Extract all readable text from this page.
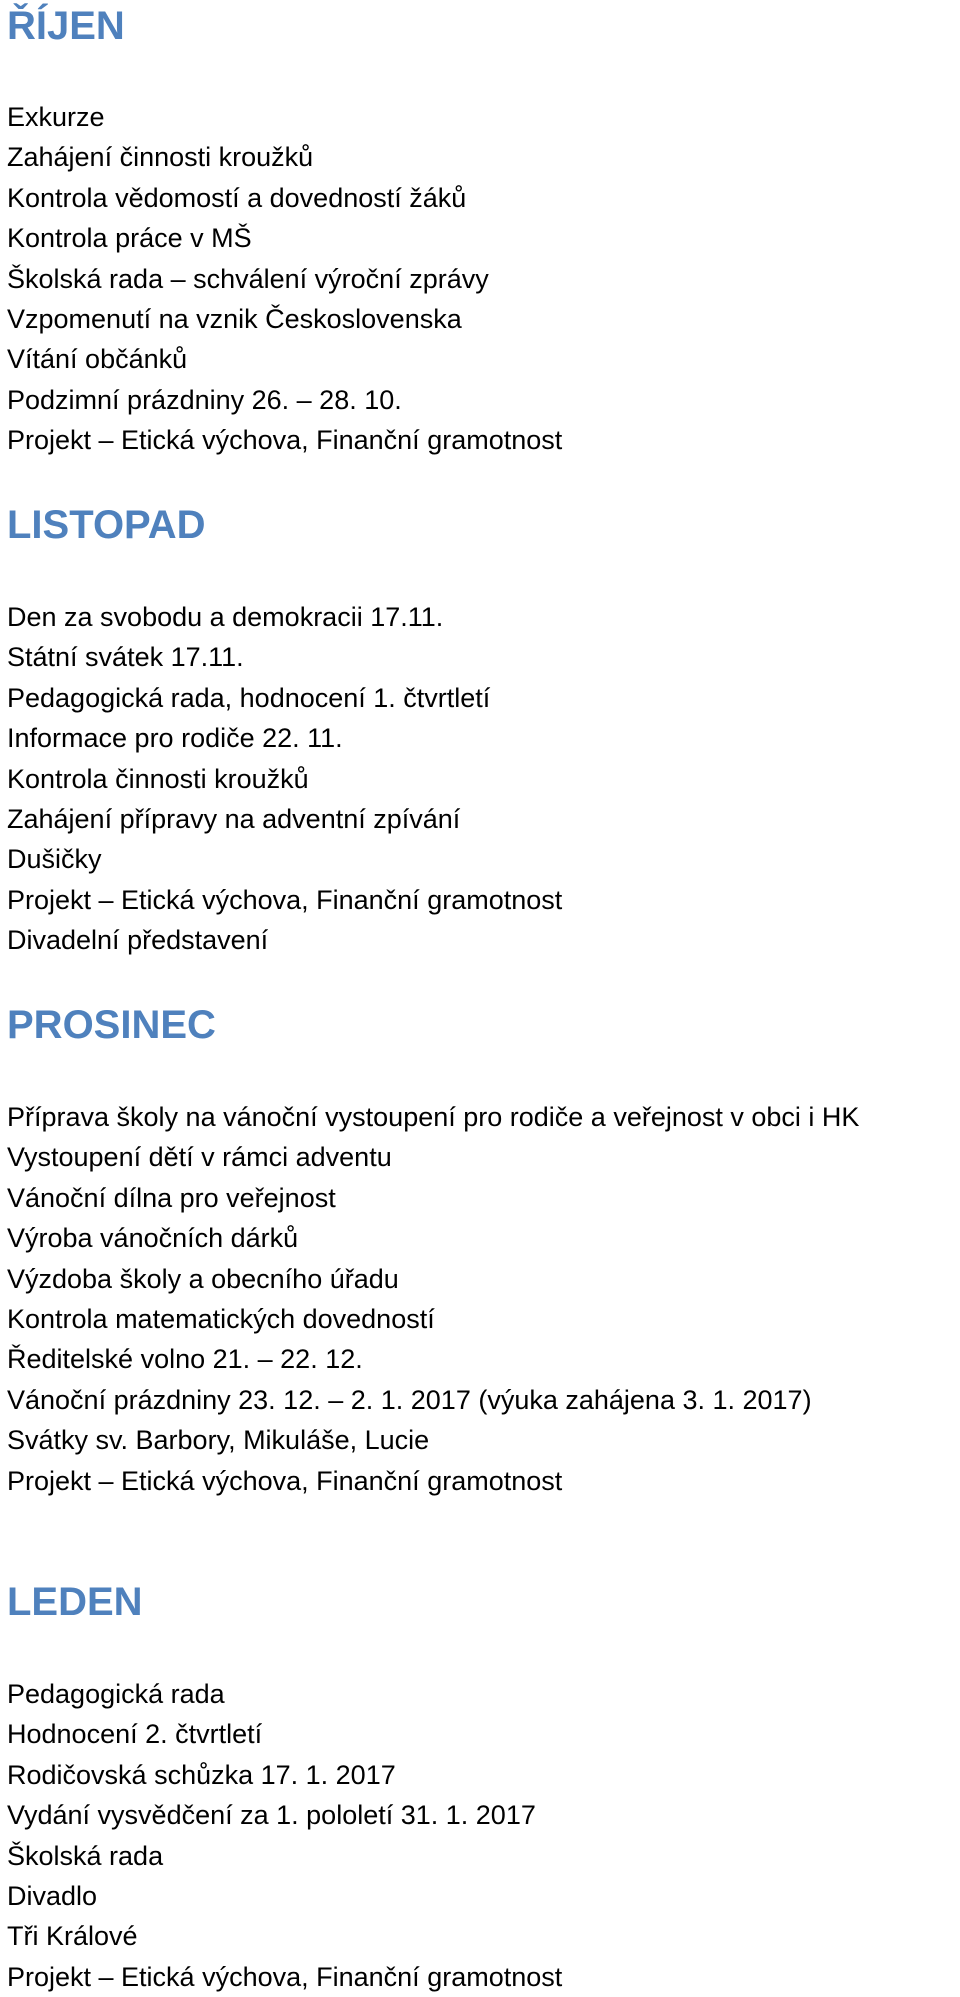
ŘÍJEN
Exkurze
Zahájení činnosti kroužků
Kontrola vědomostí a dovedností žáků
Kontrola práce v MŠ
Školská rada – schválení výroční zprávy
Vzpomenutí na vznik Československa
Vítání občánků
Podzimní prázdniny 26. – 28. 10.
Projekt – Etická výchova, Finanční gramotnost
LISTOPAD
Den za svobodu a demokracii 17.11.
Státní svátek 17.11.
Pedagogická rada, hodnocení 1. čtvrtletí
Informace pro rodiče 22. 11.
Kontrola činnosti kroužků
Zahájení přípravy na adventní zpívání
Dušičky
Projekt – Etická výchova, Finanční gramotnost
Divadelní představení
PROSINEC
Příprava školy na vánoční vystoupení pro rodiče a veřejnost v obci i HK
Vystoupení dětí v rámci adventu
Vánoční dílna pro veřejnost
Výroba vánočních dárků
Výzdoba školy a obecního úřadu
Kontrola matematických dovedností
Ředitelské volno 21. – 22. 12.
Vánoční prázdniny 23. 12. – 2. 1. 2017 (výuka zahájena 3. 1. 2017)
Svátky sv. Barbory, Mikuláše, Lucie
Projekt – Etická výchova, Finanční gramotnost
LEDEN
Pedagogická rada
Hodnocení 2. čtvrtletí
Rodičovská schůzka 17. 1. 2017
Vydání vysvědčení za 1. pololetí 31. 1. 2017
Školská rada
Divadlo
Tři Králové
Projekt – Etická výchova, Finanční gramotnost
